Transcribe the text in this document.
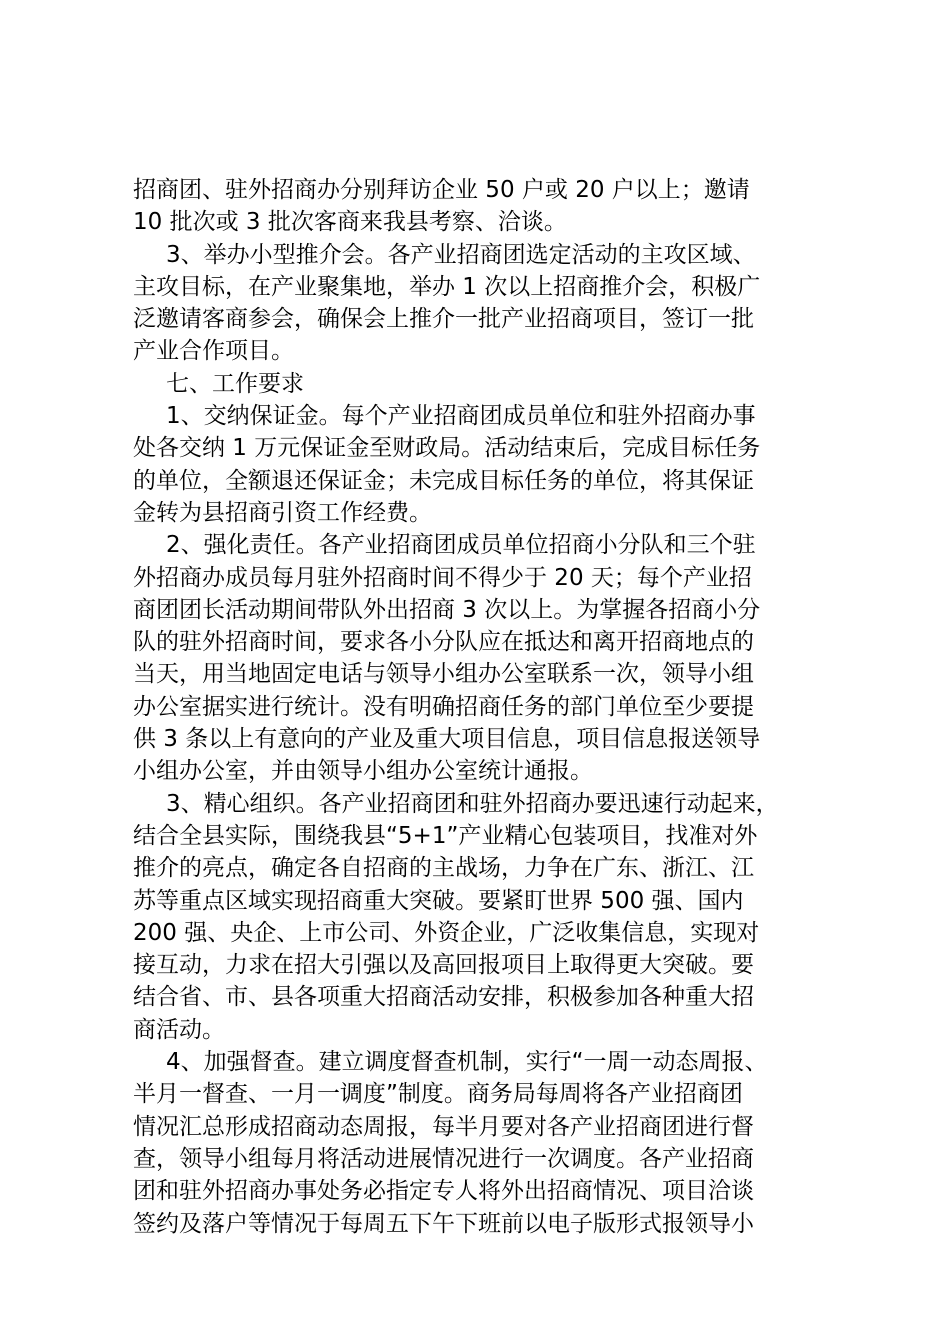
招商团、驻外招商办分别拜访企业 50 户或 20 户以上；邀请
10 批次或 3 批次客商来我县考察、洽谈。
3、举办小型推介会。各产业招商团选定活动的主攻区域、
主攻目标，在产业聚集地，举办 1 次以上招商推介会，积极广
泛邀请客商参会，确保会上推介一批产业招商项目，签订一批
产业合作项目。
七、工作要求
1、交纳保证金。每个产业招商团成员单位和驻外招商办事
处各交纳 1 万元保证金至财政局。活动结束后，完成目标任务
的单位，全额退还保证金；未完成目标任务的单位，将其保证
金转为县招商引资工作经费。
2、强化责任。各产业招商团成员单位招商小分队和三个驻
外招商办成员每月驻外招商时间不得少于 20 天；每个产业招
商团团长活动期间带队外出招商 3 次以上。为掌握各招商小分
队的驻外招商时间，要求各小分队应在抵达和离开招商地点的
当天，用当地固定电话与领导小组办公室联系一次，领导小组
办公室据实进行统计。没有明确招商任务的部门单位至少要提
供 3 条以上有意向的产业及重大项目信息，项目信息报送领导
小组办公室，并由领导小组办公室统计通报。
3、精心组织。各产业招商团和驻外招商办要迅速行动起来，
结合全县实际，围绕我县“5+1”产业精心包装项目，找准对外
推介的亮点，确定各自招商的主战场，力争在广东、浙江、江
苏等重点区域实现招商重大突破。要紧盯世界 500 强、国内
200 强、央企、上市公司、外资企业，广泛收集信息，实现对
接互动，力求在招大引强以及高回报项目上取得更大突破。要
结合省、市、县各项重大招商活动安排，积极参加各种重大招
商活动。
4、加强督查。建立调度督查机制，实行“一周一动态周报、
半月一督查、一月一调度”制度。商务局每周将各产业招商团
情况汇总形成招商动态周报，每半月要对各产业招商团进行督
查，领导小组每月将活动进展情况进行一次调度。各产业招商
团和驻外招商办事处务必指定专人将外出招商情况、项目洽谈
签约及落户等情况于每周五下午下班前以电子版形式报领导小
